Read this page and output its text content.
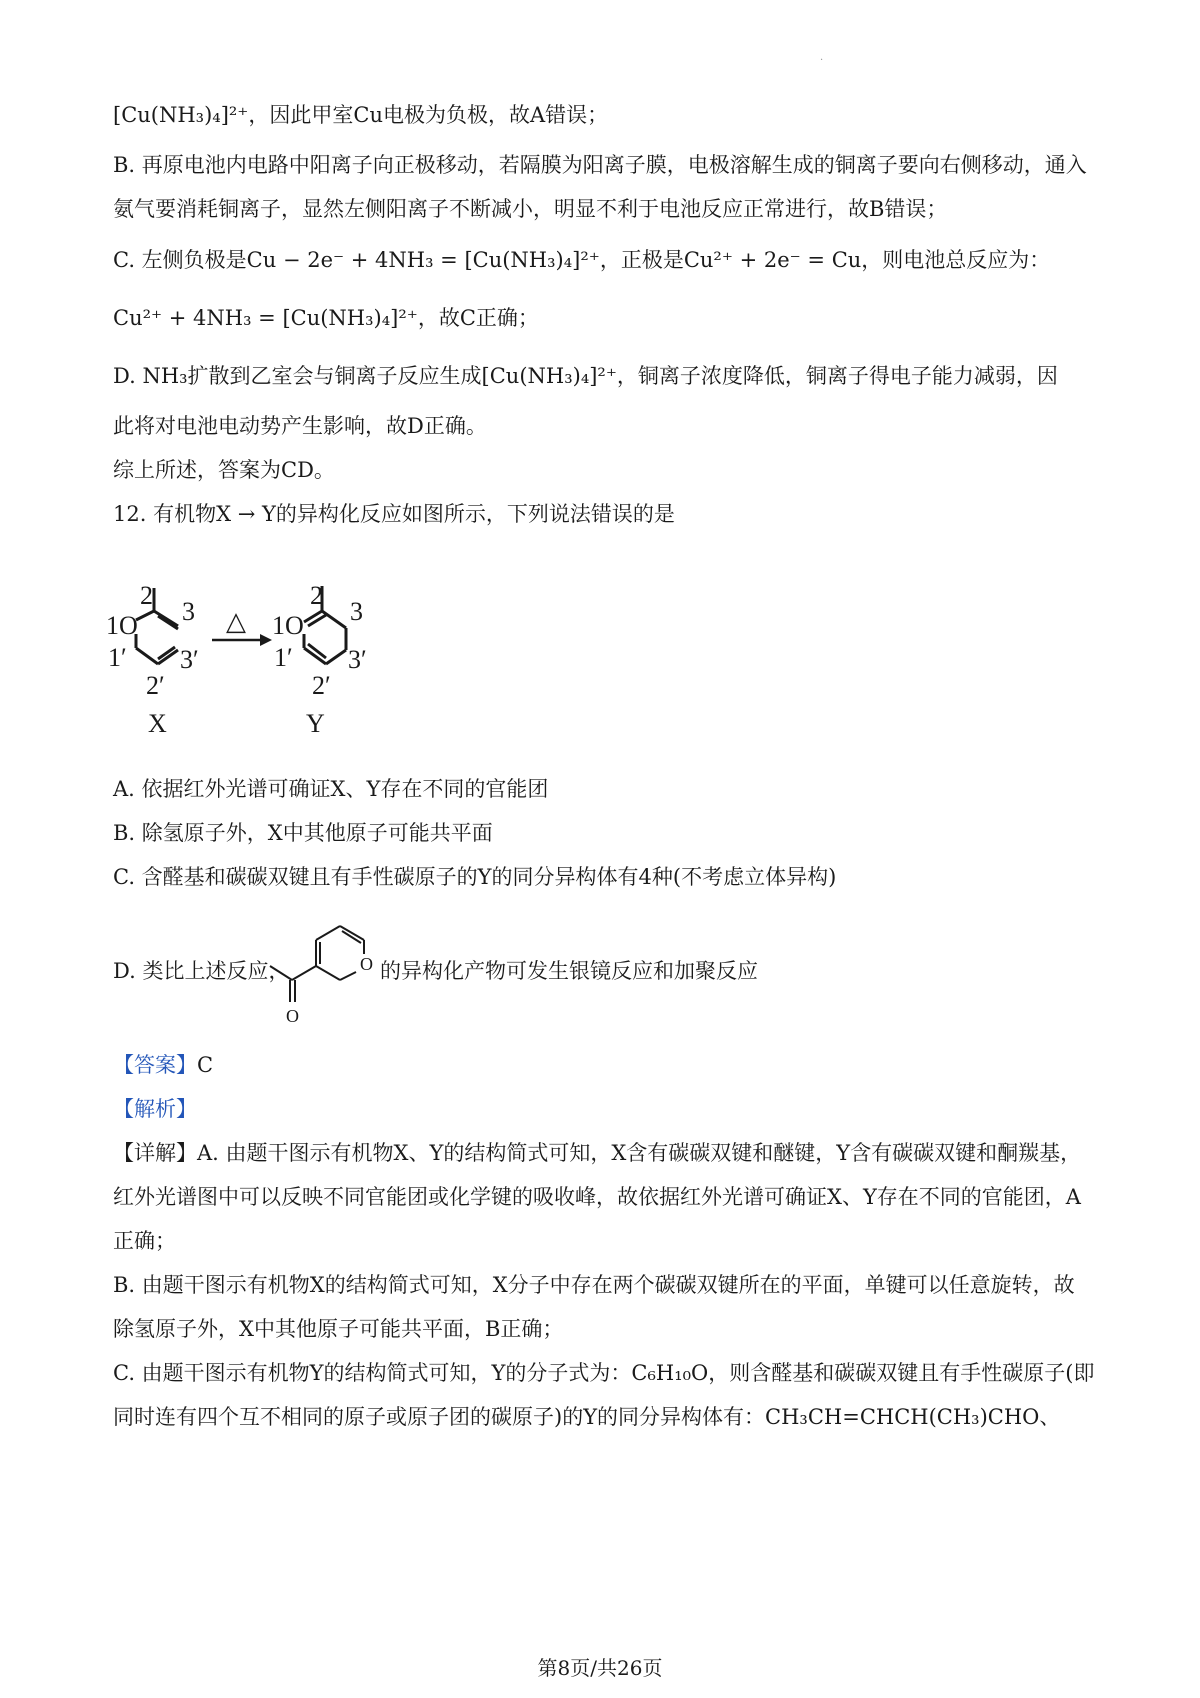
·
[Cu(NH₃)₄]²⁺，因此甲室Cu电极为负极，故A错误；
B. 再原电池内电路中阳离子向正极移动，若隔膜为阳离子膜，电极溶解生成的铜离子要向右侧移动，通入
氨气要消耗铜离子，显然左侧阳离子不断减小，明显不利于电池反应正常进行，故B错误；
C. 左侧负极是Cu − 2e⁻ + 4NH₃ = [Cu(NH₃)₄]²⁺，正极是Cu²⁺ + 2e⁻ = Cu，则电池总反应为：
Cu²⁺ + 4NH₃ = [Cu(NH₃)₄]²⁺，故C正确；
D. NH₃扩散到乙室会与铜离子反应生成[Cu(NH₃)₄]²⁺，铜离子浓度降低，铜离子得电子能力减弱，因
此将对电池电动势产生影响，故D正确。
综上所述，答案为CD。
12. 有机物X → Y的异构化反应如图所示，下列说法错误的是
2
3
1O
1′
2′
3′
X
△
2
3
1O
1′
2′
3′
Y
A. 依据红外光谱可确证X、Y存在不同的官能团
B. 除氢原子外，X中其他原子可能共平面
C. 含醛基和碳碳双键且有手性碳原子的Y的同分异构体有4种(不考虑立体异构)
D. 类比上述反应，	O
O
的异构化产物可发生银镜反应和加聚反应
【答案】C
【解析】
【详解】A. 由题干图示有机物X、Y的结构简式可知，X含有碳碳双键和醚键，Y含有碳碳双键和酮羰基，
红外光谱图中可以反映不同官能团或化学键的吸收峰，故依据红外光谱可确证X、Y存在不同的官能团，A
正确；
B. 由题干图示有机物X的结构简式可知，X分子中存在两个碳碳双键所在的平面，单键可以任意旋转，故
除氢原子外，X中其他原子可能共平面，B正确；
C. 由题干图示有机物Y的结构简式可知，Y的分子式为：C₆H₁₀O，则含醛基和碳碳双键且有手性碳原子(即
同时连有四个互不相同的原子或原子团的碳原子)的Y的同分异构体有：CH₃CH=CHCH(CH₃)CHO、
第8页/共26页
